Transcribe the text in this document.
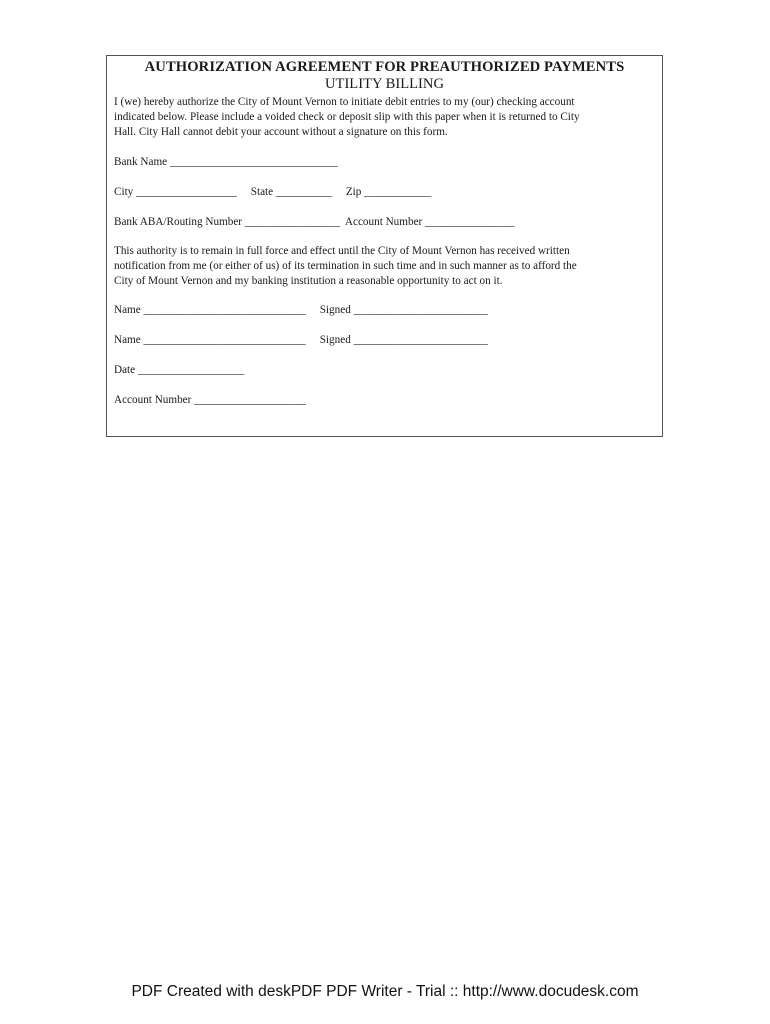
AUTHORIZATION AGREEMENT FOR PREAUTHORIZED PAYMENTS

UTILITY BILLING

I (we) hereby authorize the City of Mount Vernon to initiate debit entries to my (our) checking account

indicated below. Please include a voided check or deposit slip with this paper when it is returned to City

Hall. City Hall cannot debit your account without a signature on this form.

Bank Name ______________________________

City __________________     State __________     Zip ____________

Bank ABA/Routing Number _________________  Account Number ________________

This authority is to remain in full force and effect until the City of Mount Vernon has received written

notification from me (or either of us) of its termination in such time and in such manner as to afford the

City of Mount Vernon and my banking institution a reasonable opportunity to act on it.

Name _____________________________     Signed ________________________

Name _____________________________     Signed ________________________

Date ___________________

Account Number ____________________

PDF Created with deskPDF PDF Writer - Trial :: http://www.docudesk.com
